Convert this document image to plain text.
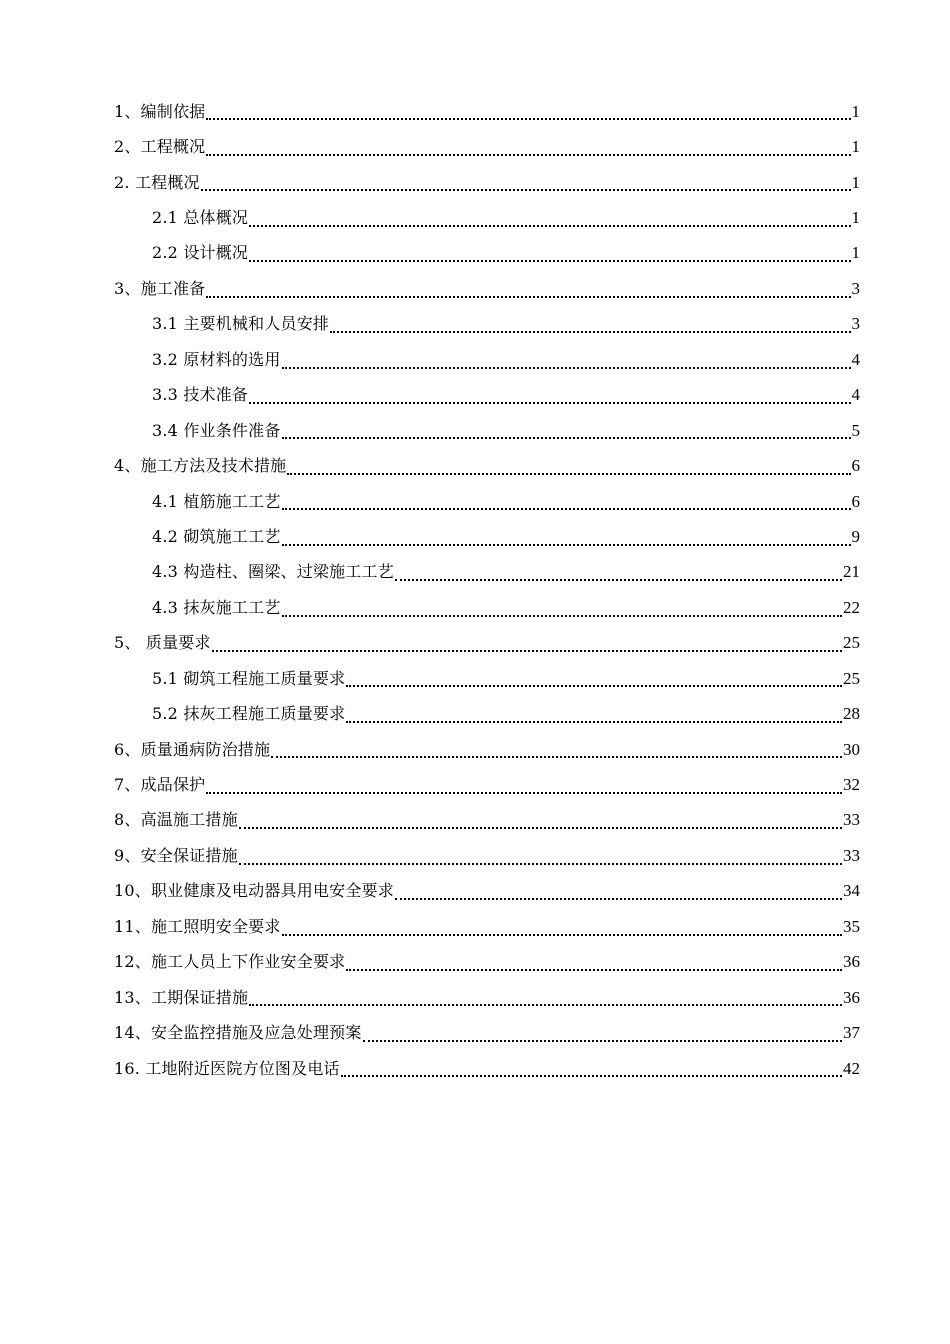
1、编制依据	1
2、工程概况	1
2. 工程概况	1
2.1 总体概况	1
2.2 设计概况	1
3、施工准备	3
3.1 主要机械和人员安排	3
3.2 原材料的选用	4
3.3 技术准备	4
3.4 作业条件准备	5
4、施工方法及技术措施	6
4.1 植筋施工工艺	6
4.2 砌筑施工工艺	9
4.3 构造柱、圈梁、过梁施工工艺	21
4.3 抹灰施工工艺	22
5、 质量要求	25
5.1 砌筑工程施工质量要求	25
5.2 抹灰工程施工质量要求	28
6、质量通病防治措施	30
7、成品保护	32
8、高温施工措施	33
9、安全保证措施	33
10、职业健康及电动器具用电安全要求	34
11、施工照明安全要求	35
12、施工人员上下作业安全要求	36
13、工期保证措施	36
14、安全监控措施及应急处理预案	37
16. 工地附近医院方位图及电话	42
